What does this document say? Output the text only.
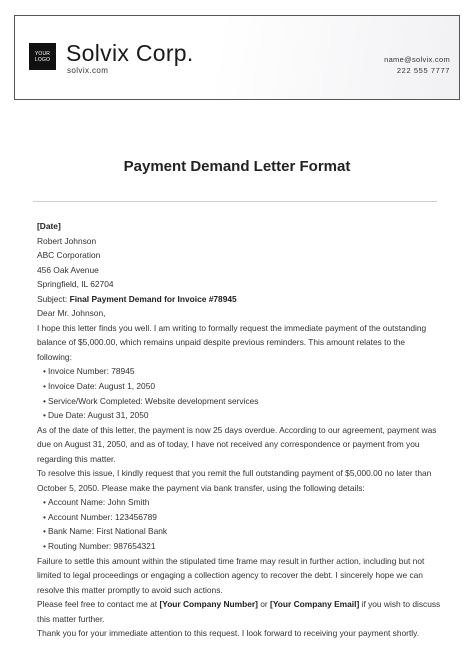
YOUR
LOGO Solvix Corp.
solvix.com
name@solvix.com
222 555 7777
Payment Demand Letter Format

[Date]

Robert Johnson

ABC Corporation

456 Oak Avenue

Springfield, IL 62704

Subject: Final Payment Demand for Invoice #78945

Dear Mr. Johnson,

I hope this letter finds you well. I am writing to formally request the immediate payment of the outstanding balance of $5,000.00, which remains unpaid despite previous reminders. This amount relates to the following:

• Invoice Number: 78945

• Invoice Date: August 1, 2050

• Service/Work Completed: Website development services

• Due Date: August 31, 2050

As of the date of this letter, the payment is now 25 days overdue. According to our agreement, payment was due on August 31, 2050, and as of today, I have not received any correspondence or payment from you regarding this matter.

To resolve this issue, I kindly request that you remit the full outstanding payment of $5,000.00 no later than October 5, 2050. Please make the payment via bank transfer, using the following details:

• Account Name: John Smith

• Account Number: 123456789

• Bank Name: First National Bank

• Routing Number: 987654321

Failure to settle this amount within the stipulated time frame may result in further action, including but not limited to legal proceedings or engaging a collection agency to recover the debt. I sincerely hope we can resolve this matter promptly to avoid such actions.

Please feel free to contact me at [Your Company Number] or [Your Company Email] if you wish to discuss this matter further.

Thank you for your immediate attention to this request. I look forward to receiving your payment shortly.
